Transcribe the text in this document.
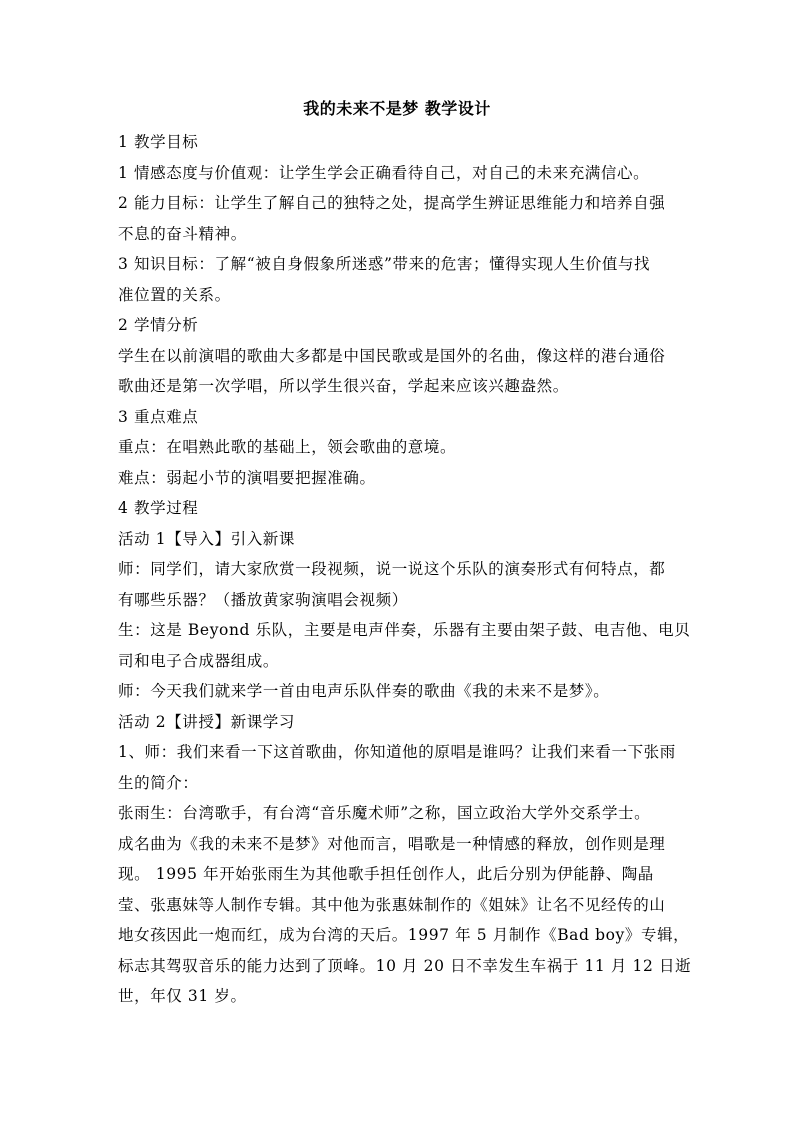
我的未来不是梦 教学设计
1 教学目标
1 情感态度与价值观：让学生学会正确看待自己，对自己的未来充满信心。
2 能力目标：让学生了解自己的独特之处，提高学生辨证思维能力和培养自强
不息的奋斗精神。
3 知识目标：了解“被自身假象所迷惑”带来的危害；懂得实现人生价值与找
准位置的关系。
2 学情分析
学生在以前演唱的歌曲大多都是中国民歌或是国外的名曲，像这样的港台通俗
歌曲还是第一次学唱，所以学生很兴奋，学起来应该兴趣盎然。
3 重点难点
重点：在唱熟此歌的基础上，领会歌曲的意境。
难点：弱起小节的演唱要把握准确。
4 教学过程
活动 1【导入】引入新课
师：同学们，请大家欣赏一段视频，说一说这个乐队的演奏形式有何特点，都
有哪些乐器？（播放黄家驹演唱会视频）
生：这是 Beyond 乐队，主要是电声伴奏，乐器有主要由架子鼓、电吉他、电贝
司和电子合成器组成。
师：今天我们就来学一首由电声乐队伴奏的歌曲《我的未来不是梦》。
活动 2【讲授】新课学习
1、师：我们来看一下这首歌曲，你知道他的原唱是谁吗？让我们来看一下张雨
生的简介：
张雨生：台湾歌手，有台湾“音乐魔术师”之称，国立政治大学外交系学士。
成名曲为《我的未来不是梦》对他而言，唱歌是一种情感的释放，创作则是理
现。 1995 年开始张雨生为其他歌手担任创作人，此后分别为伊能静、陶晶
莹、张惠妹等人制作专辑。其中他为张惠妹制作的《姐妹》让名不见经传的山
地女孩因此一炮而红，成为台湾的天后。1997 年 5 月制作《Bad boy》专辑，
标志其驾驭音乐的能力达到了顶峰。10 月 20 日不幸发生车祸于 11 月 12 日逝
世，年仅 31 岁。
